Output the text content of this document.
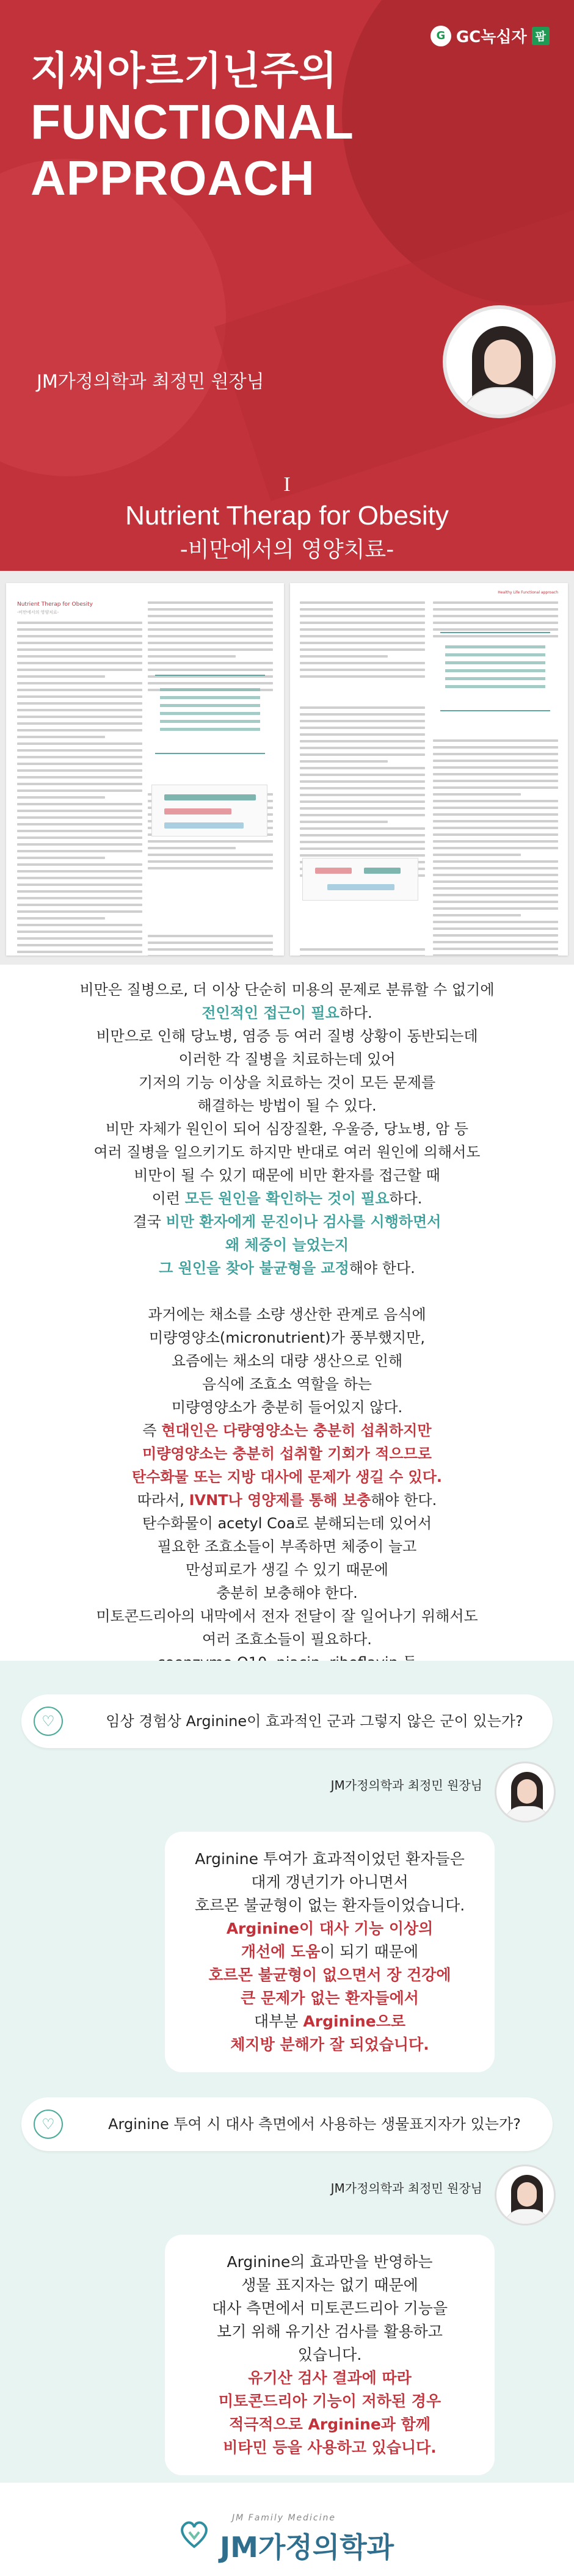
G GC녹십자 팜
지씨아르기닌주의
FUNCTIONAL
APPROACH
JM가정의학과 최정민 원장님
I
Nutrient Therap for Obesity
-비만에서의 영양치료-
Nutrient Therap for Obesity
-비만에서의 영양치료-
Healthy Life Functional approach

비만은 질병으로, 더 이상 단순히 미용의 문제로 분류할 수 없기에

전인적인 접근이 필요하다.

비만으로 인해 당뇨병, 염증 등 여러 질병 상황이 동반되는데

이러한 각 질병을 치료하는데 있어

기저의 기능 이상을 치료하는 것이 모든 문제를

해결하는 방법이 될 수 있다.

비만 자체가 원인이 되어 심장질환, 우울증, 당뇨병, 암 등

여러 질병을 일으키기도 하지만 반대로 여러 원인에 의해서도

비만이 될 수 있기 때문에 비만 환자를 접근할 때

이런 모든 원인을 확인하는 것이 필요하다.

결국 비만 환자에게 문진이나 검사를 시행하면서

왜 체중이 늘었는지

그 원인을 찾아 불균형을 교정해야 한다.

과거에는 채소를 소량 생산한 관계로 음식에

미량영양소(micronutrient)가 풍부했지만,

요즘에는 채소의 대량 생산으로 인해

음식에 조효소 역할을 하는

미량영양소가 충분히 들어있지 않다.

즉 현대인은 다량영양소는 충분히 섭취하지만

미량영양소는 충분히 섭취할 기회가 적으므로

탄수화물 또는 지방 대사에 문제가 생길 수 있다.

따라서, IVNT나 영양제를 통해 보충해야 한다.

탄수화물이 acetyl Coa로 분해되는데 있어서

필요한 조효소들이 부족하면 체중이 늘고

만성피로가 생길 수 있기 때문에

충분히 보충해야 한다.

미토콘드리아의 내막에서 전자 전달이 잘 일어나기 위해서도

여러 조효소들이 필요하다.

♡	임상 경험상 Arginine이 효과적인 군과 그렇지 않은 군이 있는가?
JM가정의학과 최정민 원장님

Arginine 투여가 효과적이었던 환자들은

대게 갱년기가 아니면서

호르몬 불균형이 없는 환자들이었습니다.

Arginine이 대사 기능 이상의

개선에 도움이 되기 때문에

호르몬 불균형이 없으면서 장 건강에

큰 문제가 없는 환자들에서

대부분 Arginine으로

체지방 분해가 잘 되었습니다.

♡	Arginine 투여 시 대사 측면에서 사용하는 생물표지자가 있는가?
JM가정의학과 최정민 원장님

Arginine의 효과만을 반영하는

생물 표지자는 없기 때문에

대사 측면에서 미토콘드리아 기능을

보기 위해 유기산 검사를 활용하고

있습니다.

유기산 검사 결과에 따라

미토콘드리아 기능이 저하된 경우

적극적으로 Arginine과 함께

비타민 등을 사용하고 있습니다.

JM Family Medicine
JM가정의학과
